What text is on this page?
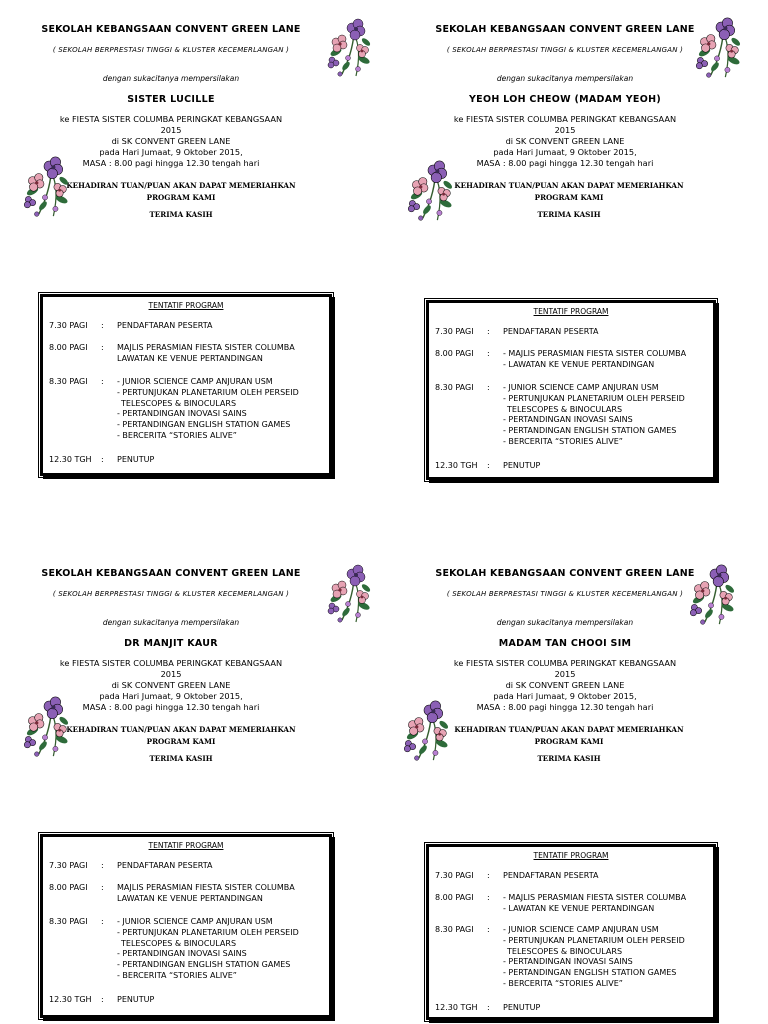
SEKOLAH KEBANGSAAN CONVENT GREEN LANE
( SEKOLAH BERPRESTASI TINGGI & KLUSTER KECEMERLANGAN )
dengan sukacitanya mempersilakan
SISTER LUCILLE
ke FIESTA SISTER COLUMBA PERINGKAT KEBANGSAAN
2015
di SK CONVENT GREEN LANE
pada Hari Jumaat, 9 Oktober 2015,
MASA : 8.00 pagi hingga 12.30 tengah hari
KEHADIRAN TUAN/PUAN AKAN DAPAT MEMERIAHKAN
PROGRAM KAMI
TERIMA KASIH
TENTATIF PROGRAM
7.30 PAGI	:	PENDAFTARAN PESERTA
8.00 PAGI	:	MAJLIS PERASMIAN FIESTA SISTER COLUMBA
LAWATAN KE VENUE PERTANDINGAN
8.30 PAGI	:	- JUNIOR SCIENCE CAMP ANJURAN USM
- PERTUNJUKAN PLANETARIUM OLEH PERSEID
TELESCOPES & BINOCULARS
- PERTANDINGAN INOVASI SAINS
- PERTANDINGAN ENGLISH STATION GAMES
- BERCERITA “STORIES ALIVE”
12.30 TGH	:	PENUTUP
SEKOLAH KEBANGSAAN CONVENT GREEN LANE
( SEKOLAH BERPRESTASI TINGGI & KLUSTER KECEMERLANGAN )
dengan sukacitanya mempersilakan
YEOH LOH CHEOW (MADAM YEOH)
ke FIESTA SISTER COLUMBA PERINGKAT KEBANGSAAN
2015
di SK CONVENT GREEN LANE
pada Hari Jumaat, 9 Oktober 2015,
MASA : 8.00 pagi hingga 12.30 tengah hari
KEHADIRAN TUAN/PUAN AKAN DAPAT MEMERIAHKAN
PROGRAM KAMI
TERIMA KASIH
TENTATIF PROGRAM
7.30 PAGI	:	PENDAFTARAN PESERTA
8.00 PAGI	:	- MAJLIS PERASMIAN FIESTA SISTER COLUMBA
- LAWATAN KE VENUE PERTANDINGAN
8.30 PAGI	:	- JUNIOR SCIENCE CAMP ANJURAN USM
- PERTUNJUKAN PLANETARIUM OLEH PERSEID
TELESCOPES & BINOCULARS
- PERTANDINGAN INOVASI SAINS
- PERTANDINGAN ENGLISH STATION GAMES
- BERCERITA “STORIES ALIVE”
12.30 TGH	:	PENUTUP
SEKOLAH KEBANGSAAN CONVENT GREEN LANE
( SEKOLAH BERPRESTASI TINGGI & KLUSTER KECEMERLANGAN )
dengan sukacitanya mempersilakan
DR MANJIT KAUR
ke FIESTA SISTER COLUMBA PERINGKAT KEBANGSAAN
2015
di SK CONVENT GREEN LANE
pada Hari Jumaat, 9 Oktober 2015,
MASA : 8.00 pagi hingga 12.30 tengah hari
KEHADIRAN TUAN/PUAN AKAN DAPAT MEMERIAHKAN
PROGRAM KAMI
TERIMA KASIH
TENTATIF PROGRAM
7.30 PAGI	:	PENDAFTARAN PESERTA
8.00 PAGI	:	MAJLIS PERASMIAN FIESTA SISTER COLUMBA
LAWATAN KE VENUE PERTANDINGAN
8.30 PAGI	:	- JUNIOR SCIENCE CAMP ANJURAN USM
- PERTUNJUKAN PLANETARIUM OLEH PERSEID
TELESCOPES & BINOCULARS
- PERTANDINGAN INOVASI SAINS
- PERTANDINGAN ENGLISH STATION GAMES
- BERCERITA “STORIES ALIVE”
12.30 TGH	:	PENUTUP
SEKOLAH KEBANGSAAN CONVENT GREEN LANE
( SEKOLAH BERPRESTASI TINGGI & KLUSTER KECEMERLANGAN )
dengan sukacitanya mempersilakan
MADAM TAN CHOOI SIM
ke FIESTA SISTER COLUMBA PERINGKAT KEBANGSAAN
2015
di SK CONVENT GREEN LANE
pada Hari Jumaat, 9 Oktober 2015,
MASA : 8.00 pagi hingga 12.30 tengah hari
KEHADIRAN TUAN/PUAN AKAN DAPAT MEMERIAHKAN
PROGRAM KAMI
TERIMA KASIH
TENTATIF PROGRAM
7.30 PAGI	:	PENDAFTARAN PESERTA
8.00 PAGI	:	- MAJLIS PERASMIAN FIESTA SISTER COLUMBA
- LAWATAN KE VENUE PERTANDINGAN
8.30 PAGI	:	- JUNIOR SCIENCE CAMP ANJURAN USM
- PERTUNJUKAN PLANETARIUM OLEH PERSEID
TELESCOPES & BINOCULARS
- PERTANDINGAN INOVASI SAINS
- PERTANDINGAN ENGLISH STATION GAMES
- BERCERITA “STORIES ALIVE”
12.30 TGH	:	PENUTUP
